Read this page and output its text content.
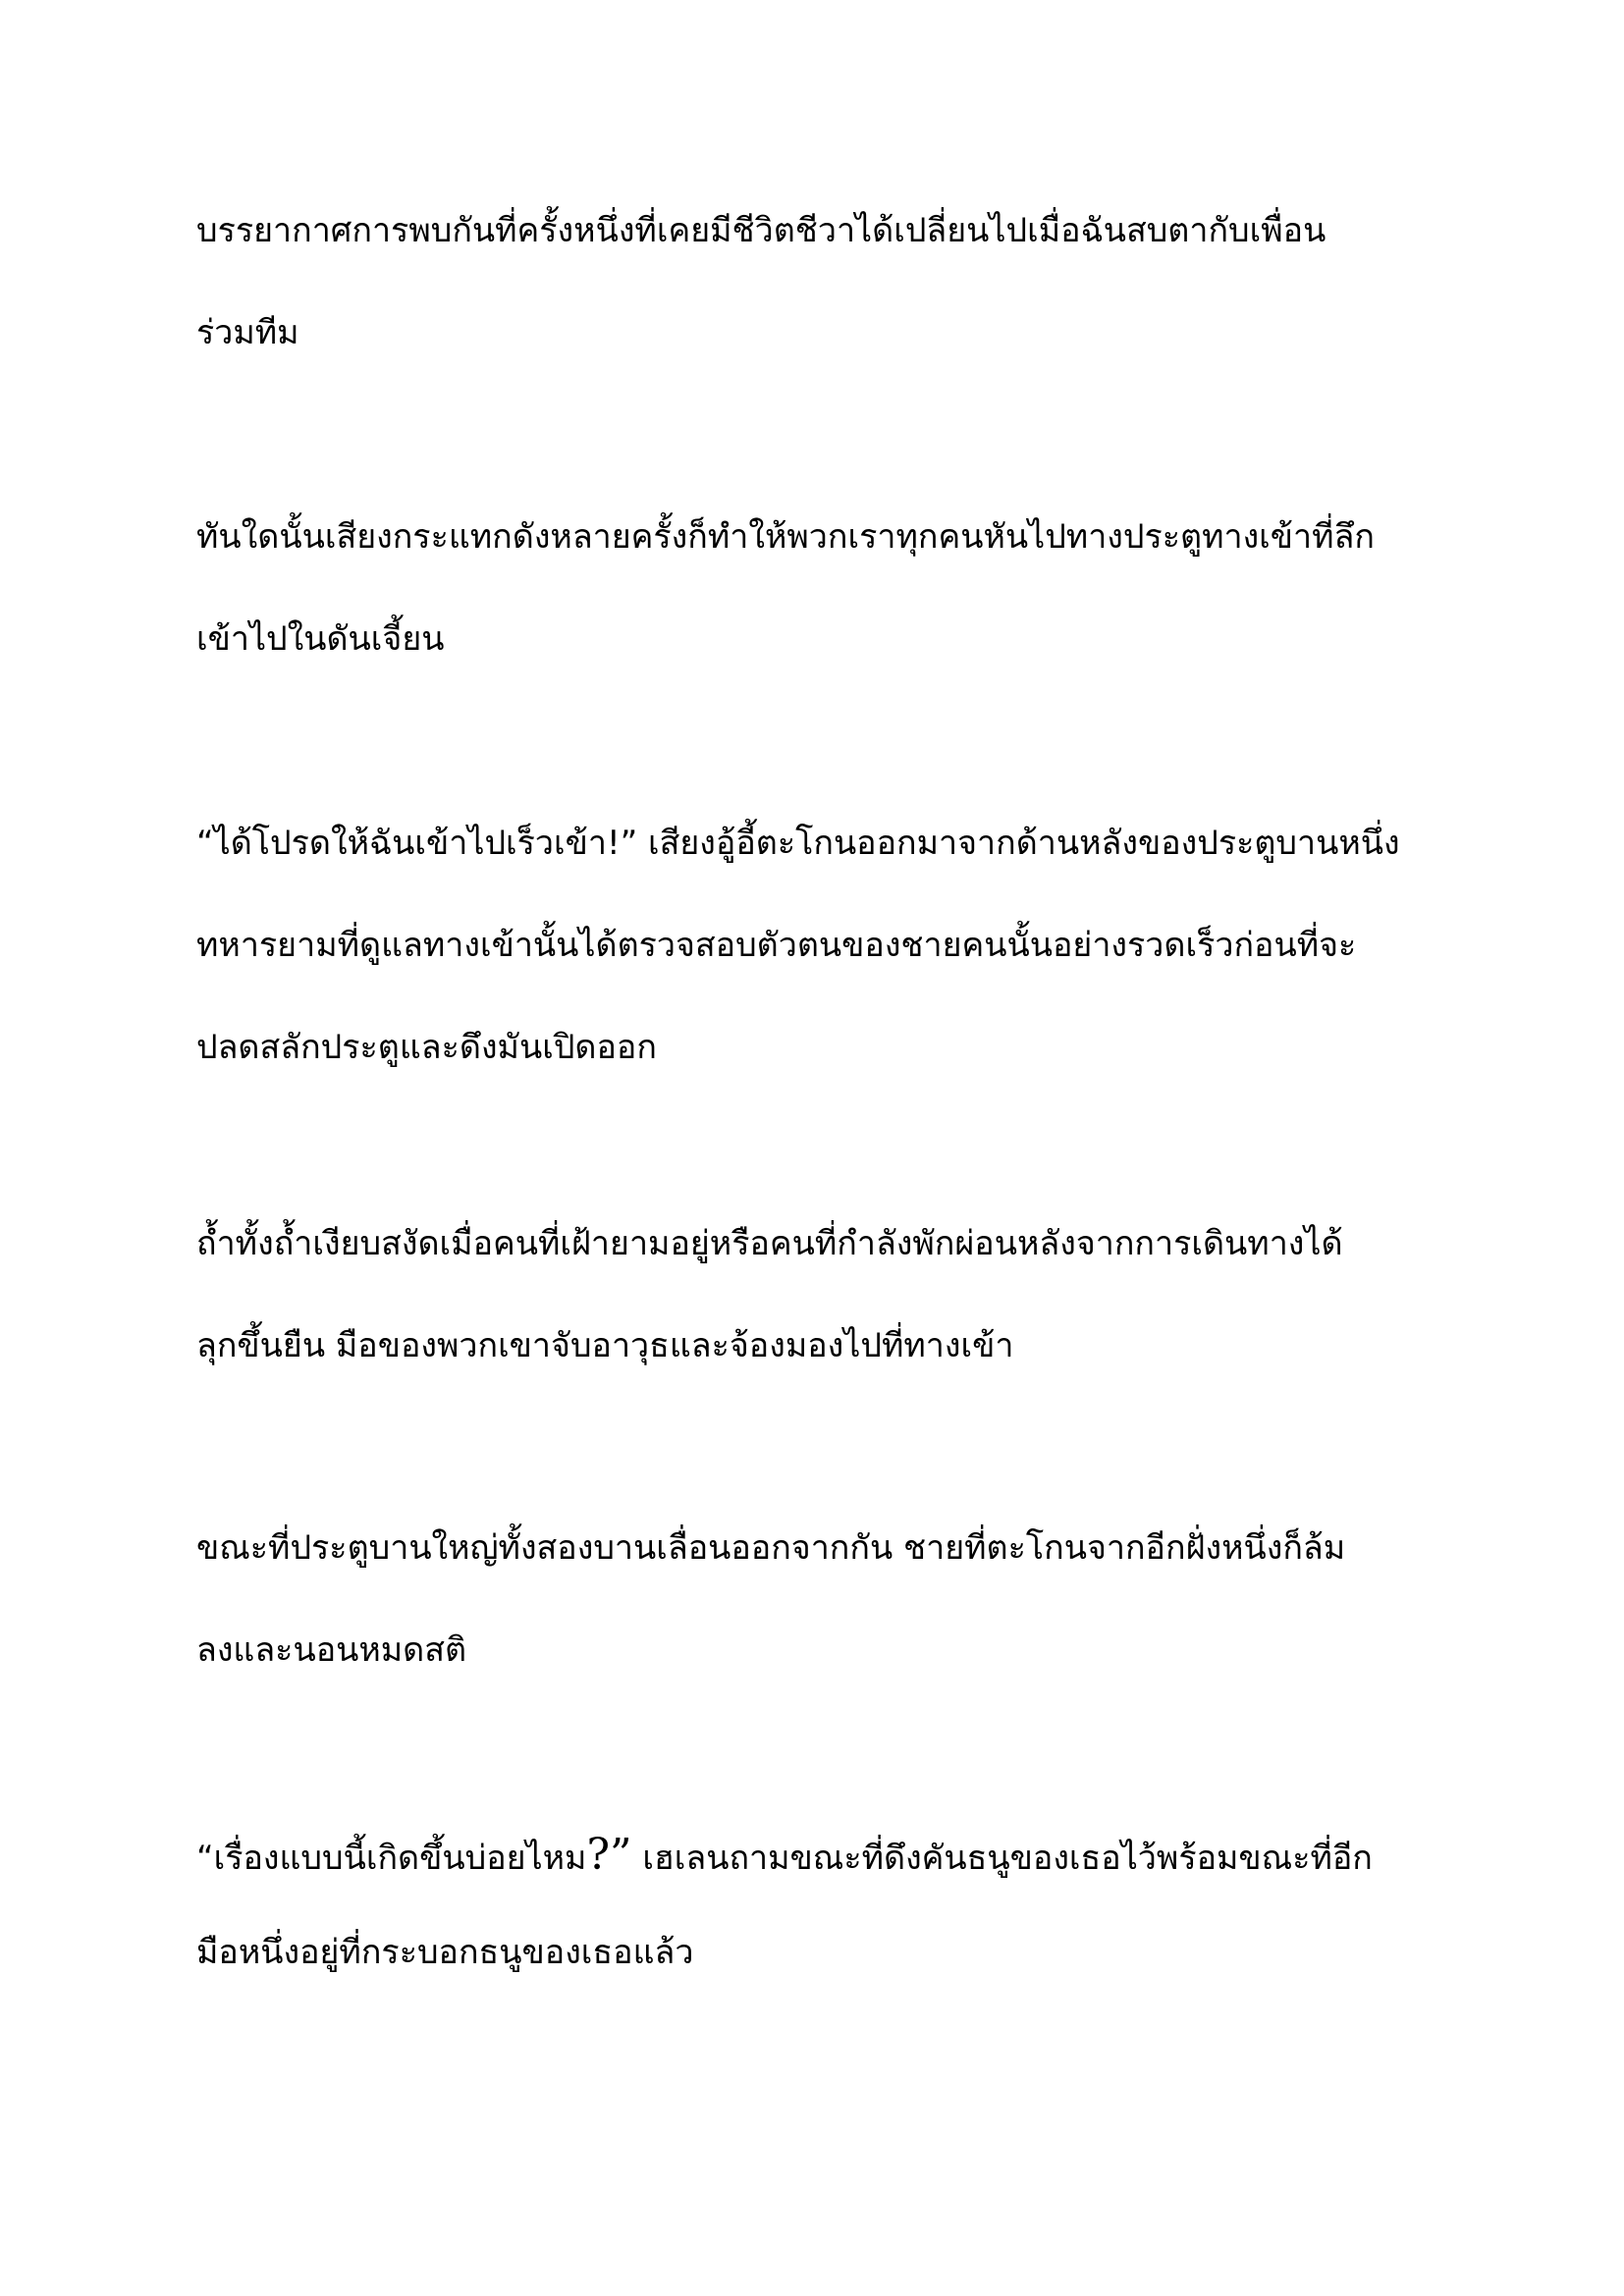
บรรยากาศการพบกันที่ครั้งหนึ่งที่เคยมีชีวิตชีวาได้เปลี่ยนไปเมื่อฉันสบตากับเพื่อน
ร่วมทีม
ทันใดนั้นเสียงกระแทกดังหลายครั้งก็ทำให้พวกเราทุกคนหันไปทางประตูทางเข้าที่ลึก
เข้าไปในดันเจี้ยน
“ได้โปรดให้ฉันเข้าไปเร็วเข้า!” เสียงอู้อี้ตะโกนออกมาจากด้านหลังของประตูบานหนึ่ง
ทหารยามที่ดูแลทางเข้านั้นได้ตรวจสอบตัวตนของชายคนนั้นอย่างรวดเร็วก่อนที่จะ
ปลดสลักประตูและดึงมันเปิดออก
ถ้ำทั้งถ้ำเงียบสงัดเมื่อคนที่เฝ้ายามอยู่หรือคนที่กำลังพักผ่อนหลังจากการเดินทางได้
ลุกขึ้นยืน มือของพวกเขาจับอาวุธและจ้องมองไปที่ทางเข้า
ขณะที่ประตูบานใหญ่ทั้งสองบานเลื่อนออกจากกัน ชายที่ตะโกนจากอีกฝั่งหนึ่งก็ล้ม
ลงและนอนหมดสติ
“เรื่องแบบนี้เกิดขึ้นบ่อยไหม?” เฮเลนถามขณะที่ดึงคันธนูของเธอไว้พร้อมขณะที่อีก
มือหนึ่งอยู่ที่กระบอกธนูของเธอแล้ว
